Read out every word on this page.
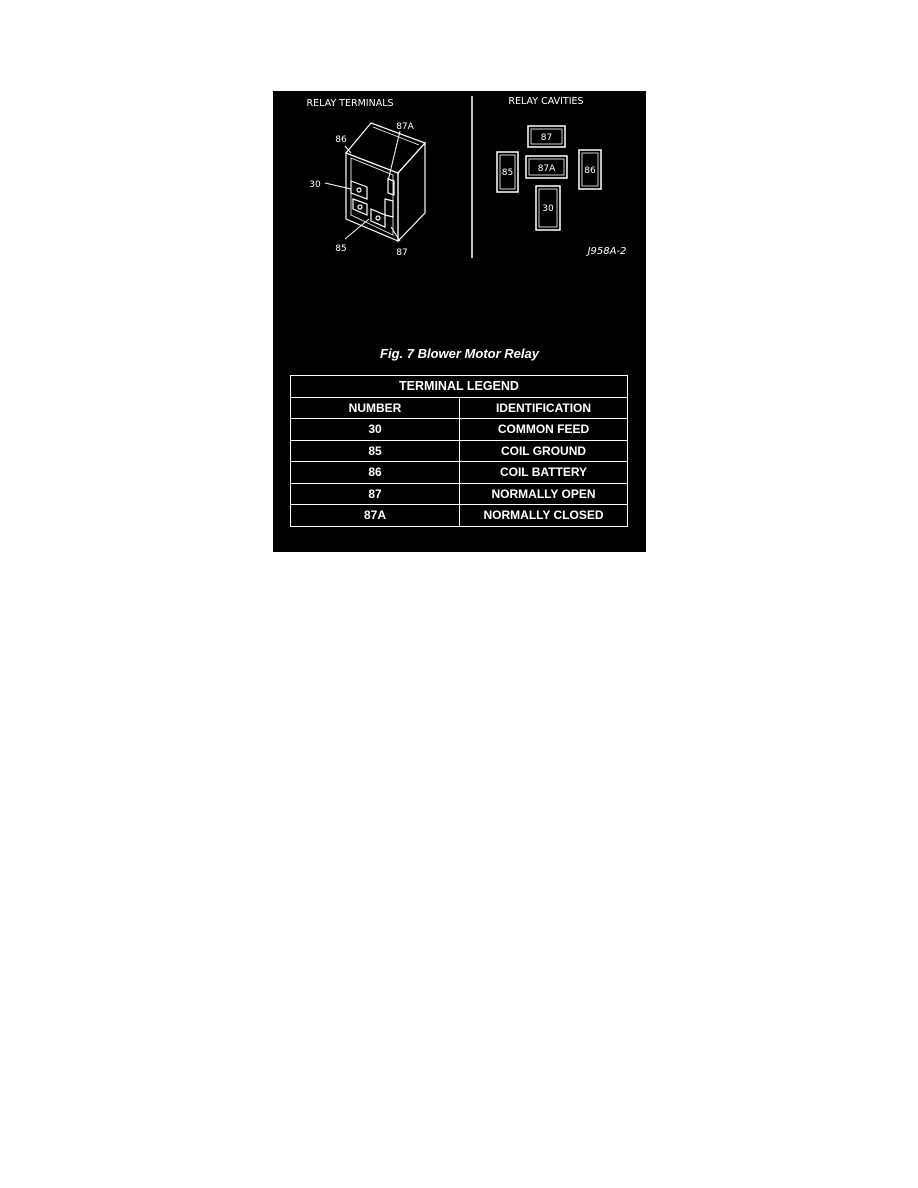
RELAY TERMINALS	RELAY CAVITIES
86
87A
30
85	87
87
87A
85	86
30
J958A-2
Fig. 7 Blower Motor Relay
TERMINAL LEGEND	
NUMBER	IDENTIFICATION
30	COMMON FEED
85	COIL GROUND
86	COIL BATTERY
87	NORMALLY OPEN
87A	NORMALLY CLOSED
